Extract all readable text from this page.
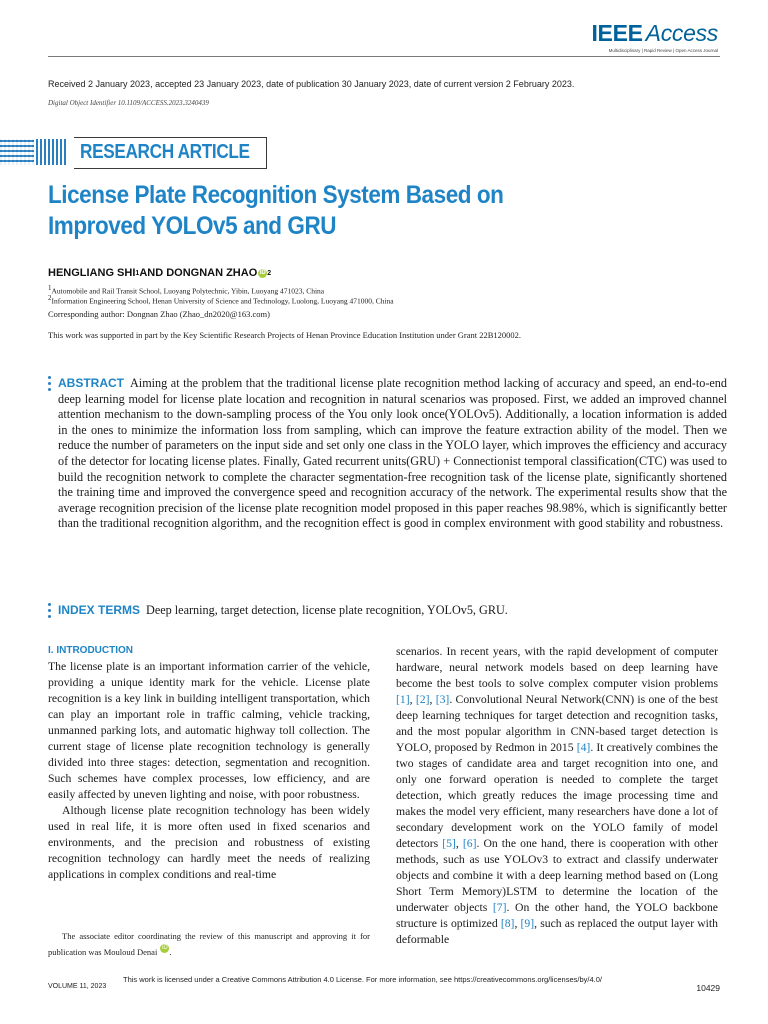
IEEE Access
Multidisciplinary | Rapid Review | Open Access Journal
Received 2 January 2023, accepted 23 January 2023, date of publication 30 January 2023, date of current version 2 February 2023.
Digital Object Identifier 10.1109/ACCESS.2023.3240439
RESEARCH ARTICLE
License Plate Recognition System Based on
Improved YOLOv5 and GRU
HENGLIANG SHI 1 AND DONGNAN ZHAO iD 2
1Automobile and Rail Transit School, Luoyang Polytechnic, Yibin, Luoyang 471023, China
2Information Engineering School, Henan University of Science and Technology, Luolong, Luoyang 471000, China
Corresponding author: Dongnan Zhao (Zhao_dn2020@163.com)
This work was supported in part by the Key Scientific Research Projects of Henan Province Education Institution under Grant 22B120002.
ABSTRACT Aiming at the problem that the traditional license plate recognition method lacking of accuracy and speed, an end-to-end deep learning model for license plate location and recognition in natural scenarios was proposed. First, we added an improved channel attention mechanism to the down-sampling process of the You only look once(YOLOv5). Additionally, a location information is added in the ones to minimize the information loss from sampling, which can improve the feature extraction ability of the model. Then we reduce the number of parameters on the input side and set only one class in the YOLO layer, which improves the efficiency and accuracy of the detector for locating license plates. Finally, Gated recurrent units(GRU) + Connectionist temporal classification(CTC) was used to build the recognition network to complete the character segmentation-free recognition task of the license plate, significantly shortened the training time and improved the convergence speed and recognition accuracy of the network. The experimental results show that the average recognition precision of the license plate recognition model proposed in this paper reaches 98.98%, which is significantly better than the traditional recognition algorithm, and the recognition effect is good in complex environment with good stability and robustness.
INDEX TERMS Deep learning, target detection, license plate recognition, YOLOv5, GRU.
I. INTRODUCTION

The license plate is an important information carrier of the vehicle, providing a unique identity mark for the vehicle. License plate recognition is a key link in building intelligent transportation, which can play an important role in traffic calming, vehicle tracking, unmanned parking lots, and automatic highway toll collection. The current stage of license plate recognition technology is generally divided into three stages: detection, segmentation and recognition. Such schemes have complex processes, low efficiency, and are easily affected by uneven lighting and noise, with poor robustness.

Although license plate recognition technology has been widely used in real life, it is more often used in fixed scenarios and environments, and the precision and robustness of existing recognition technology can hardly meet the needs of realizing applications in complex conditions and real-time

scenarios. In recent years, with the rapid development of computer hardware, neural network models based on deep learning have become the best tools to solve complex computer vision problems [1], [2], [3]. Convolutional Neural Network(CNN) is one of the best deep learning techniques for target detection and recognition tasks, and the most popular algorithm in CNN-based target detection is YOLO, proposed by Redmon in 2015 [4]. It creatively combines the two stages of candidate area and target recognition into one, and only one forward operation is needed to complete the target detection, which greatly reduces the image processing time and makes the model very efficient, many researchers have done a lot of secondary development work on the YOLO family of model detectors [5], [6]. On the one hand, there is cooperation with other methods, such as use YOLOv3 to extract and classify underwater objects and combine it with a deep learning method based on (Long Short Term Memory)LSTM to determine the location of the underwater objects [7]. On the other hand, the YOLO backbone structure is optimized [8], [9], such as replaced the output layer with deformable

The associate editor coordinating the review of this manuscript and approving it for publication was Mouloud Denai iD .
VOLUME 11, 2023
This work is licensed under a Creative Commons Attribution 4.0 License. For more information, see https://creativecommons.org/licenses/by/4.0/
10429
